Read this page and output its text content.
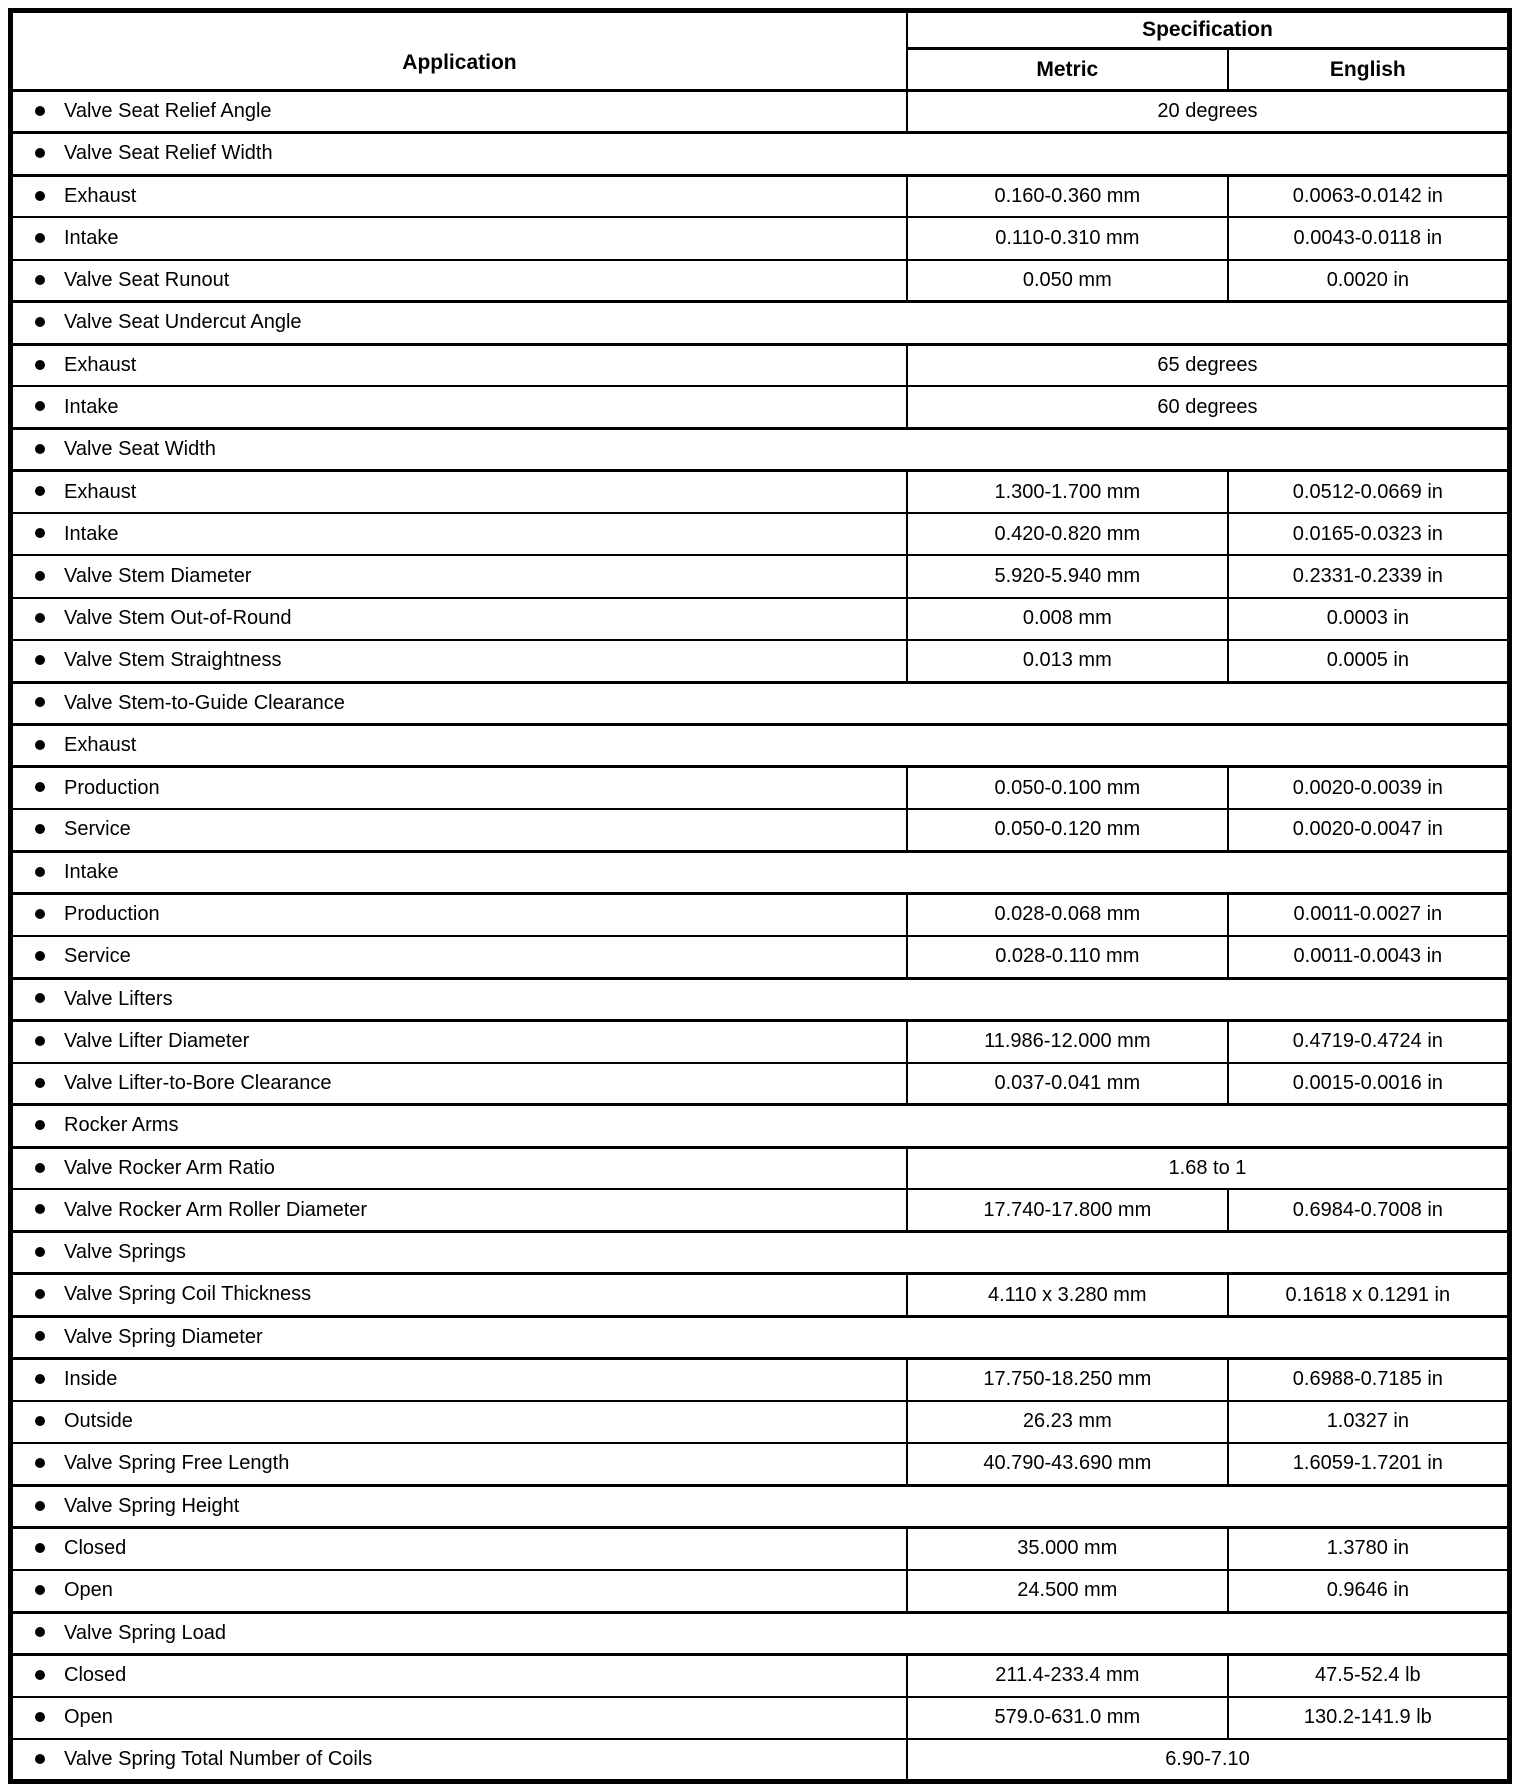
Application	Specification	
	Metric	English
Valve Seat Relief Angle	20 degrees	
Valve Seat Relief Width		
Exhaust	0.160-0.360 mm	0.0063-0.0142 in
Intake	0.110-0.310 mm	0.0043-0.0118 in
Valve Seat Runout	0.050 mm	0.0020 in
Valve Seat Undercut Angle		
Exhaust	65 degrees	
Intake	60 degrees	
Valve Seat Width		
Exhaust	1.300-1.700 mm	0.0512-0.0669 in
Intake	0.420-0.820 mm	0.0165-0.0323 in
Valve Stem Diameter	5.920-5.940 mm	0.2331-0.2339 in
Valve Stem Out-of-Round	0.008 mm	0.0003 in
Valve Stem Straightness	0.013 mm	0.0005 in
Valve Stem-to-Guide Clearance		
Exhaust		
Production	0.050-0.100 mm	0.0020-0.0039 in
Service	0.050-0.120 mm	0.0020-0.0047 in
Intake		
Production	0.028-0.068 mm	0.0011-0.0027 in
Service	0.028-0.110 mm	0.0011-0.0043 in
Valve Lifters		
Valve Lifter Diameter	11.986-12.000 mm	0.4719-0.4724 in
Valve Lifter-to-Bore Clearance	0.037-0.041 mm	0.0015-0.0016 in
Rocker Arms		
Valve Rocker Arm Ratio	1.68 to 1	
Valve Rocker Arm Roller Diameter	17.740-17.800 mm	0.6984-0.7008 in
Valve Springs		
Valve Spring Coil Thickness	4.110 x 3.280 mm	0.1618 x 0.1291 in
Valve Spring Diameter		
Inside	17.750-18.250 mm	0.6988-0.7185 in
Outside	26.23 mm	1.0327 in
Valve Spring Free Length	40.790-43.690 mm	1.6059-1.7201 in
Valve Spring Height		
Closed	35.000 mm	1.3780 in
Open	24.500 mm	0.9646 in
Valve Spring Load		
Closed	211.4-233.4 mm	47.5-52.4 lb
Open	579.0-631.0 mm	130.2-141.9 lb
Valve Spring Total Number of Coils	6.90-7.10	
